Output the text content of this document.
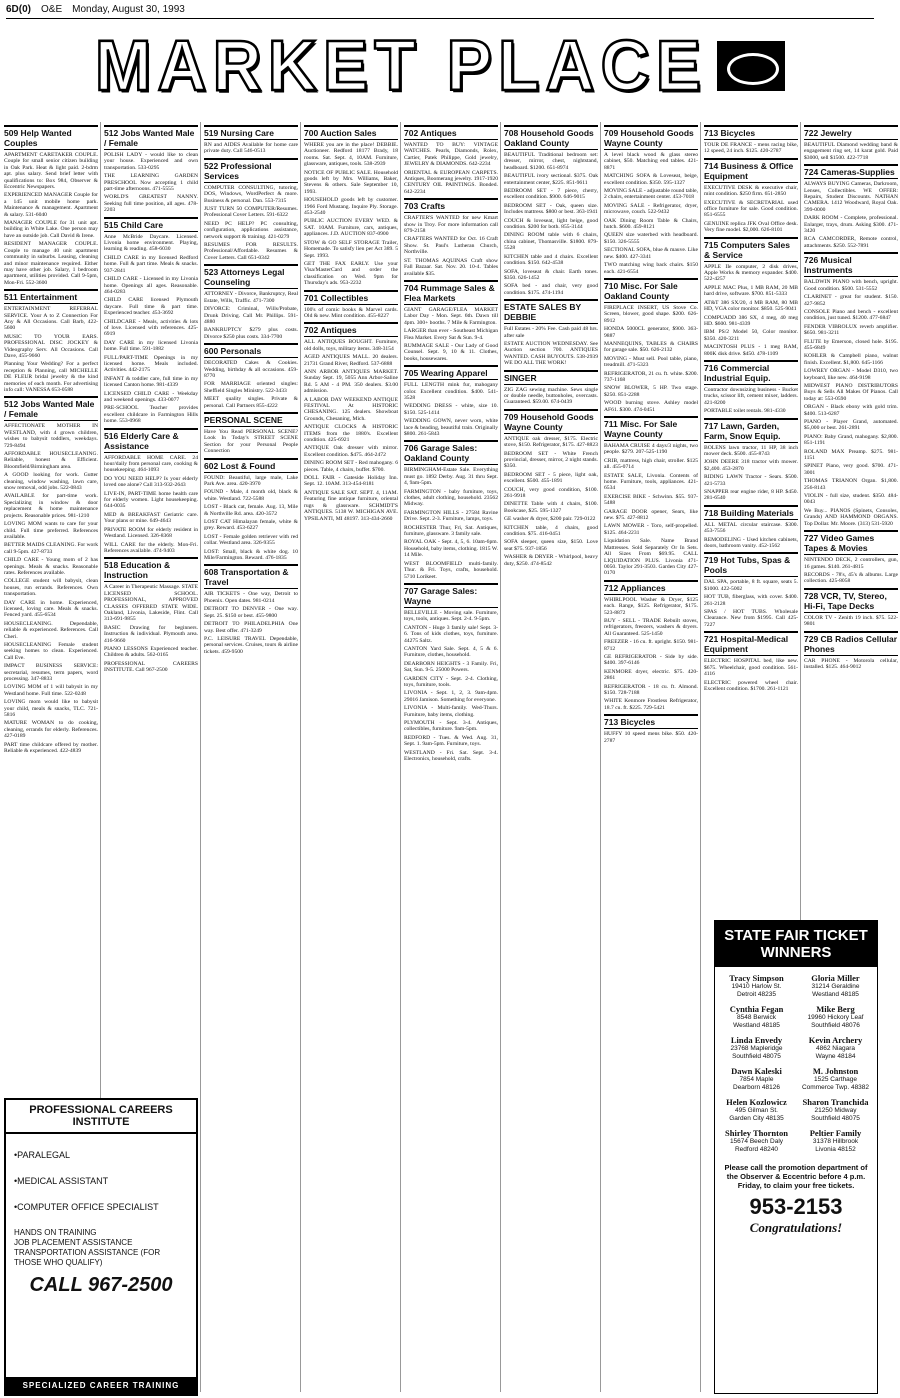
6D(0) O&E Monday, August 30, 1993
MARKET PLACE
509 Help Wanted Couples
APARTMENT CARETAKER COUPLE. Couple for small senior citizen building in Oak Park. Heat & light paid. 2-bdrm apt. plus salary. Send brief letter with qualifications to: Box 984, Observer & Eccentric Newspapers.
EXPERIENCED MANAGER Couple for a 145 unit mobile home park. Maintenance & management. Apartment & salary. 531-6040
MANAGER COUPLE for 31 unit apt. building in White Lake. One person may have an outside job. Call David & Irene.
RESIDENT MANAGER COUPLE. Couple to manage 40 unit apartment community in suburbs. Leasing, cleaning and minor maintenance required. Either may have other job. Salary, 1 bedroom apartment, utilities provided. Call 9-5pm, Mon-Fri. 552-3600
511 Entertainment
ENTERTAINMENT REFERRAL SERVICE. Your A to Z Connection For Any & All Occasions. Call Barb, 422-5600
MUSIC TO YOUR EARS. PROFESSIONAL DISC JOCKEY & Videography Serv. All Occasions. Call Dave, 455-9660
Planning Your Wedding? For a perfect reception & Planning, call MICHELLE DE FLEUR bridal jewelry & the kind memories of each month. For advertising info call: VANESSA 653-0588
512 Jobs Wanted Male / Female
AFFECTIONATE MOTHER IN WESTLAND, with 4 grown children, wishes to babysit toddlers, weekdays. 729-8494
AFFORDABLE HOUSECLEANING. Reliable, honest & Efficient. Bloomfield/Birmingham area.
A GOOD looking for work. Gutter cleaning, window washing, lawn care, snow removal, odd jobs. 522-0843
AVAILABLE for part-time work. Specializing in window & door replacement & home maintenance projects. Reasonable prices. 981-1210
LOVING MOM wants to care for your child. Full time preferred. References available.
BETTER MAIDS CLEANING. For work call 9-5pm. 427-8733
CHILD CARE - Young mom of 2 has openings. Meals & snacks. Reasonable rates. References available.
COLLEGE student will babysit, clean houses, run errands. References. Own transportation.
DAY CARE in home. Experienced, licensed, loving care. Meals & snacks. Fenced yard. 455-6534
HOUSECLEANING. Dependable, reliable & experienced. References. Call Cheri.
HOUSECLEANING Female student seeking homes to clean. Experienced. Call Eve.
IMPACT BUSINESS SERVICE: secretarial, resumes, term papers, word processing. 347-8833
LOVING MOM of 1 will babysit in my Westland home. Full time. 522-0248
LOVING mom would like to babysit your child, meals & snacks, TLC. 721-5816
MATURE WOMAN to do cooking, cleaning, errands for elderly. References. 427-0189
PART time childcare offered by mother. Reliable & experienced. 422-4839
512 Jobs Wanted Male / Female
POLISH LADY - would like to clean your house. Experienced and own transportation. 533-0295
THE LEARNING GARDEN PRESCHOOL Now accepting 1 child part-time afternoons. 471-5555
WORLD'S GREATEST NANNY. Seeking full time position, all ages. 478-2203
515 Child Care
Anne McBride Daycare. Licensed. Livonia home environment. Playing, learning & reading. 458-6030
CHILD CARE in my licensed Redford home. Full & part time. Meals & snacks. 937-2841
CHILD CARE - Licensed in my Livonia home. Openings all ages. Reasonable. 464-0283
CHILD CARE licensed Plymouth daycare. Full time & part time. Experienced teacher. 453-3692
CHILDCARE - Meals, activities & lots of love. Licensed with references. 425-6919
DAY CARE in my licensed Livonia home. Full time. 591-1882
FULL/PART-TIME Openings in my licensed home. Meals included. Activities. 442-2175
INFANT & toddler care, full time in my licensed Canton home. 981-4339
LICENSED CHILD CARE - Weekday and weekend openings. 433-0077
PRE-SCHOOL Teacher provides excellent childcare in Farmington Hills home. 553-0968
516 Elderly Care & Assistance
AFFORDABLE HOME CARE. 24 hour/daily from personal care, cooking & housekeeping. 464-1093
DO YOU NEED HELP? Is your elderly loved one alone? Call 313-932-2643
LIVE-IN, PART-TIME home health care for elderly women. Light housekeeping. 644-0035
MED & BREAKFAST Geriatric care. Your plans or mine. 649-4643
PRIVATE ROOM for elderly resident in Westland. Licensed. 326-8368
WILL CARE for the elderly. Mon-Fri. References available. 474-9403
518 Education & Instruction
A Career in Therapeutic Massage. STATE LICENSED SCHOOL. PROFESSIONAL, APPROVED CLASSES OFFERED STATE WIDE. Oakland, Livonia, Lakeside, Flint. Call 313-691-9855
BASIC Drawing for beginners. Instruction & individual. Plymouth area. 416-9660
PIANO LESSONS Experienced teacher. Children & adults. 562-0165
PROFESSIONAL CAREERS INSTITUTE. Call 967-2500
519 Nursing Care
RN and AIDES Available for home care private duty. Call 546-0513
522 Professional Services
COMPUTER CONSULTING, tutoring, DOS, Windows, WordPerfect & more. Business & personal. Dan. 553-7315
JUST TURN 50 COMPUTER/Resumes. Professional Cover Letters. 591-6322
NEED PC HELP? PC consulting, configuration, applications assistance, network support & training. 421-0279
RESUMES FOR RESULTS. Professional/Affordable. Resumes & Cover Letters. Call 651-0342
523 Attorneys Legal Counseling
ATTORNEY - Divorce, Bankruptcy, Real Estate, Wills, Traffic. 471-7300
DIVORCE: Criminal, Wills/Probate, Drunk Driving. Call Mr. Phillips. 591-4880
BANKRUPTCY $279 plus costs. Divorce $250 plus costs. 334-7700
600 Personals
DECORATED Cakes & Cookies. Wedding, birthday & all occasions. 459-8770
FOR MARRIAGE oriented singles: Sheffield Singles Ministry. 522-3433
MEET quality singles. Private & personal. Call Partners 855-4222
PERSONAL SCENE
Have You Read PERSONAL SCENE? Look In Today's STREET SCENE Section for your Personal People Connection
602 Lost & Found
FOUND: Beautiful, large male, Lake Park Ave. area. 420-3970
FOUND - Male, 4 month old, black & white. Westland. 722-5588
LOST - Black cat, female. Aug. 13, Mile & Northville Rd. area. 420-3572
LOST CAT Himalayan female, white & grey. Reward. 453-6227
LOST - Female golden retriever with red collar. Westland area. 326-9355
LOST: Small, black & white dog. 10 Mile/Farmington. Reward. 476-1835
608 Transportation & Travel
AIR TICKETS - One way, Detroit to Phoenix. Open dates. 981-0214
DETROIT TO DENVER - One way. Sept. 25. $150 or best. 455-9800
DETROIT TO PHILADELPHIA One way. Best offer. 471-3249
P.C. LEISURE TRAVEL Dependable, personal services. Cruises, tours & airline tickets. 459-9500
700 Auction Sales
WHERE you are in the place! DEBBIE. Auctioneer. Redford 18177 Brady, 18 rooms. Sat. Sept. 4, 10AM. Furniture, glassware, antiques, tools. 538-2939
NOTICE OF PUBLIC SALE. Household goods left by Mrs. Williams, Baker, Stevens & others. Sale September 10, 1993.
HOUSEHOLD goods left by customer. 1966 Ford Mustang. Inquire Ply. Storage. 453-2540
PUBLIC AUCTION EVERY WED. & SAT. 10AM. Furniture, cars, antiques, appliances. J.D. AUCTION 837-0900
STOW & GO SELF STORAGE Trailer, Homemade. To satisfy lien per Act 389. 5 Sept. 1993.
GET THE FAX EARLY. Use your Visa/MasterCard and order the classification on Wed. 9pm for Thursday's ads. 953-2232
701 Collectibles
100's of comic books & Marvel cards. Old & new. Mint condition. 455-8227
702 Antiques
ALL ANTIQUES BOUGHT. Furniture, old dolls, toys, military items. 348-3154
AGED ANTIQUES MALL. 20 dealers. 21731 Grand River, Redford. 537-6888
ANN ARBOR ANTIQUES MARKET. Sunday Sept. 19, 5055 Ann Arbor-Saline Rd. 5 AM - 4 PM. 350 dealers. $3.00 admission.
A LABOR DAY WEEKEND ANTIQUE FESTIVAL At HISTORIC CHESANING. 125 dealers. Showboat Grounds, Chesaning, Mich.
ANTIQUE CLOCKS & HISTORIC ITEMS from the 1880's. Excellent condition. 425-6921
ANTIQUE Oak dresser with mirror. Excellent condition. $475. 464-2472
DINING ROOM SET - Red mahogany. 6 pieces. Table, 4 chairs, buffet. $700.
DOLL FAIR - Gateside Holiday Inn. Sept. 12. 10AM. 313-454-8181
ANTIQUE SALE SAT. SEPT. 4, 11AM. Featuring fine antique furniture, oriental rugs & glassware. SCHMIDT'S ANTIQUES. 5138 W. MICHIGAN AVE. YPSILANTI, MI 48197. 313-434-2660
702 Antiques
WANTED TO BUY: VINTAGE WATCHES. Pearls, Diamonds, Rolex, Cartier, Patek Philippe, Gold jewelry, JEWELRY & DIAMONDS. 642-2234
ORIENTAL & EUROPEAN CARPETS. Antiques, Boomerang jewelry. 1917-1920 CENTURY OIL PAINTINGS. Bonded. 642-2234
703 Crafts
CRAFTER'S WANTED for new Kmart show in Troy. For more information call 879-2158
CRAFTERS WANTED for Oct. 16 Craft Show. St. Paul's Lutheran Church, Northville.
ST. THOMAS AQUINAS Craft show Fall Bazaar. Sat. Nov. 20. 10-4. Tables available $35.
704 Rummage Sales & Flea Markets
GIANT GARAGE/FLEA MARKET Labor Day - Mon. Sept. 6th. Dawn till 4pm. 300+ booths. 7 Mile & Farmington.
LARGER than ever - Southeast Michigan Flea Market. Every Sat & Sun. 9-4.
RUMMAGE SALE - Our Lady of Good Counsel. Sept. 9, 10 & 11. Clothes, books, housewares.
705 Wearing Apparel
FULL LENGTH mink fur, mahogany color. Excellent condition. $400. 541-3528
WEDDING DRESS - white, size 10. $150. 525-1414
WEDDING GOWN, never worn, white lace & beading, beautiful train. Originally $800. 261-5843
706 Garage Sales: Oakland County
BIRMINGHAM-Estate Sale. Everything must go. 1892 Derby. Aug. 31 thru Sept. 4, 9am-5pm.
FARMINGTON - baby furniture, toys, clothes, adult clothing, household. 23562 Midway.
FARMINGTON HILLS - 27584 Ravine Drive. Sept. 2-3. Furniture, lamps, toys.
ROCHESTER Thur, Fri, Sat. Antiques, furniture, glassware. 3 family sale.
ROYAL OAK - Sept. 4, 5, 6. 10am-6pm. Household, baby items, clothing. 1815 W. 14 Mile.
WEST BLOOMFIELD multi-family. Thur. & Fri. Toys, crafts, household. 5710 Lorikeet.
707 Garage Sales: Wayne
BELLEVILLE - Moving sale. Furniture, toys, tools, antiques. Sept. 2-4. 9-5pm.
CANTON - Huge 3 family sale! Sept. 3-6. Tons of kids clothes, toys, furniture. 44275 Saltz.
CANTON Yard Sale. Sept. 4, 5 & 6. Furniture, clothes, household.
DEARBORN HEIGHTS - 3 Family. Fri, Sat, Sun. 9-5. 25000 Powers.
GARDEN CITY - Sept. 2-4. Clothing, toys, furniture, tools.
LIVONIA - Sept. 1, 2, 3. 9am-4pm. 29016 Jamison. Something for everyone.
LIVONIA - Multi-family. Wed-Thurs. Furniture, baby items, clothing.
PLYMOUTH - Sept. 3-4. Antiques, collectibles, furniture. 9am-5pm.
REDFORD - Tues. & Wed. Aug. 31, Sept. 1. 9am-5pm. Furniture, toys.
WESTLAND - Fri. Sat. Sept. 3-4. Electronics, household, crafts.
708 Household Goods Oakland County
BEAUTIFUL Traditional bedroom set: dresser, mirror, chest, nightstand, headboard. $1200. 651-8974
BEAUTIFUL ivory sectional. $375. Oak entertainment center, $225. 851-9611
BEDROOM SET - 7 piece, cherry, excellent condition. $900. 646-9015
BEDROOM SET - Oak, queen size. Includes mattress. $800 or best. 363-1941
COUCH & loveseat, light beige, good condition. $200 for both. 855-3144
DINING ROOM table with 6 chairs, china cabinet, Thomasville. $1800. 879-5528
KITCHEN table and 4 chairs. Excellent condition. $150. 642-4538
SOFA, loveseat & chair. Earth tones. $350. 626-1452
SOFA bed - and chair, very good condition. $175. 474-1194
ESTATE SALES BY DEBBIE
Full Estates - 20% Fee. Cash paid 48 hrs. after sale
ESTATE AUCTION WEDNESDAY. See Auction section 700. ANTIQUES WANTED. CASH BUYOUTS. 538-2939 WE DO ALL THE WORK!
SINGER
ZIG ZAG sewing machine. Sews single or double needle, buttonholes, overcasts. Guaranteed. $59.00. 674-0439
709 Household Goods Wayne County
ANTIQUE oak dresser, $175. Electric stove, $150. Refrigerator, $175. 427-8823
BEDROOM SET - White French provincial, dresser, mirror, 2 night stands. $350.
BEDROOM SET - 5 piece, light oak, excellent. $500. 455-1891
COUCH, very good condition, $100. 261-9918
DINETTE Table with 4 chairs, $100. Bookcase, $25. 595-1327
GE washer & dryer, $200 pair. 729-0122
KITCHEN table, 4 chairs, good condition. $75. 416-0451
SOFA sleeper, queen size, $150. Love seat $75. 937-1856
WASHER & DRYER - Whirlpool, heavy duty, $250. 474-8542
709 Household Goods Wayne County
A level black wood & glass stereo cabinet, $50. Matching end tables. 421-8871
MATCHING SOFA & Loveseat, beige, excellent condition. $350. 595-1327
MOVING SALE - adjustable round table, 2 chairs, entertainment center. 453-7018
MOVING SALE - Refrigerator, dryer, microwave, couch. 522-9432
OAK Dining Room Table & Chairs, hutch. $600. 459-8121
QUEEN size waterbed with headboard. $150. 326-5555
SECTIONAL SOFA, blue & mauve. Like new. $400. 427-3341
TWO matching wing back chairs. $150 each. 421-6554
710 Misc. For Sale Oakland County
FIREPLACE INSERT, US Stove Co. Screen, blower, good shape. $200. 626-8912
HONDA 5000CL generator, $900. 363-9887
MANNEQUINS, TABLES & CHAIRS for garage sale. $50. 626-2132
MOVING - Must sell. Pool table, piano, treadmill. 471-5323
REFRIGERATOR, 21 cu. ft. white. $200. 737-1168
SNOW BLOWER, 5 HP. Two stage. $250. 851-2288
WOOD burning stove. Ashley model AF61. $300. 474-0451
711 Misc. For Sale Wayne County
BAHAMA CRUISE 4 days/3 nights, two people. $279. 207-525-1190
CRIB, mattress, high chair, stroller. $125 all. 455-0714
ESTATE SALE, Livonia. Contents of home. Furniture, tools, appliances. 421-6534
EXERCISE BIKE - Schwinn. $55. 937-5488
GARAGE DOOR opener, Sears, like new. $75. 427-8812
LAWN MOWER - Toro, self-propelled. $125. 464-2231
Liquidation Sale. Name Brand Mattresses. Sold Separately Or In Sets. All Sizes From $69.95. CALL LIQUIDATION PLUS. Livonia 471-0050. Taylor 291-3503. Garden City 427-0170
712 Appliances
WHIRLPOOL Washer & Dryer, $125 each. Range, $125. Refrigerator, $175. 523-8872
BUY - SELL - TRADE Rebuilt stoves, refrigerators, freezers, washers & dryers. All Guaranteed. 525-1450
FREEZER - 16 cu. ft. upright. $150. 981-8712
GE REFRIGERATOR - Side by side. $400. 397-6146
KENMORE dryer, electric. $75. 420-2861
REFRIGERATOR - 18 cu. ft. Almond. $150. 728-7188
WHITE Kenmore Frostless Refrigerator, 18.7 cu. ft. $225. 729-5421
713 Bicycles
HUFFY 10 speed mens bike. $50. 420-2787
713 Bicycles
TOUR DE FRANCE - mens racing bike, 12 speed, 24 inch. $125. 420-2787
714 Business & Office Equipment
EXECUTIVE DESK & executive chair, mint condition. $250 firm. 651-2850
EXECUTIVE & SECRETARIAL used office furniture for sale. Good condition. 851-6555
GENUINE replica JFK Oval Office desk. Very fine model. $2,000. 626-8101
715 Computers Sales & Service
APPLE IIe computer, 2 disk drives, Apple Works & memory expander. $400. 522-4257
APPLE MAC Plus, 1 MB RAM, 20 MB hard drive, software. $700. 851-5333
AT&T 386 SX/20, 4 MB RAM, 80 MB HD, VGA color monitor. $850. 525-9041
COMPUADD 386 SX, 4 meg, 40 meg HD. $600. 981-4339
IBM PS/2 Model 50, Color monitor. $350. 420-3211
MACINTOSH PLUS - 1 meg RAM, 800K disk drive. $450. 478-1109
716 Commercial Industrial Equip.
Contractor downsizing business - Bucket trucks, scissor lift, cement mixer, ladders. 421-8200
PORTABLE toilet rentals. 981-4330
717 Lawn, Garden, Farm, Snow Equip.
BOLENS lawn tractor, 11 HP, 38 inch mower deck. $500. 455-8743
JOHN DEERE 318 tractor with mower. $2,400. 453-2870
RIDING LAWN Tractor - Sears. $500. 421-5733
SNAPPER rear engine rider, 8 HP. $450. 281-6540
718 Building Materials
ALL METAL circular staircase. $300. 453-7556
REMODELING - Used kitchen cabinets, doors, bathroom vanity. 452-1562
719 Hot Tubs, Spas & Pools
DAL SPA, portable, 8 ft. square, seats 5. $1000. 422-5002
HOT TUB, fiberglass, with cover. $400. 261-2128
SPAS / HOT TUBS. Wholesale Clearance. New from $1995. Call 425-7227
721 Hospital-Medical Equipment
ELECTRIC HOSPITAL bed, like new. $675. Wheelchair, good condition. 561-4116
ELECTRIC powered wheel chair. Excellent condition. $1700. 261-1121
722 Jewelry
BEAUTIFUL Diamond wedding band & engagement ring set, 14 karat gold. Paid $3000, sell $1500. 422-7718
724 Cameras-Supplies
ALWAYS BUYING Cameras, Darkroom, Lenses, Collectibles. WE OFFER: Repairs, Student Discounts. NATHAN CAMERA. 1412 Woodward, Royal Oak. 399-0000
DARK ROOM - Complete, professional. Enlarger, trays, drum. Asking $300. 471-3420
RCA CAMCORDER, Remote control, attachments. $250. 552-7891
726 Musical Instruments
BALDWIN PIANO with bench, upright. Good condition. $500. 531-5552
CLARINET - great for student. $150. 427-9852
CONSOLE Piano and bench - excellent condition, just tuned. $1200. 477-6847
FENDER VIBROLUX reverb amplifier. $650. 981-3211
FLUTE by Emerson, closed hole. $195. 455-6849
KOHLER & Campbell piano, walnut finish. Excellent. $1,800. 645-1166
LOWREY ORGAN - Model D310, two keyboard, like new. 464-9198
MIDWEST PIANO DISTRIBUTORS Buys & Sells All Makes Of Pianos. Call today at: 553-0590
ORGAN - Black ebony with gold trim. $400. 513-6287
PIANO - Player Grand, automated. $5,000 or best. 261-2891
PIANO: Baby Grand, mahogany. $2,800. 851-1191
ROLAND MAX Preamp. $275. 981-1151
SPINET Piano, very good. $700. 471-3001
THOMAS TRIANON Organ. $1,800. 256-8143
VIOLIN - full size, student. $350. 484-0043
We Buy... PIANOS (Spinets, Consoles, Grands) AND HAMMOND ORGANS. Top Dollar. Mr. Moore. (313) 531-5920
727 Video Games Tapes & Movies
NINTENDO DECK, 2 controllers, gun, 16 games. $140. 261-4815
RECORDS - 78's, 45's & albums. Large collection. 425-8058
728 VCR, TV, Stereo, Hi-Fi, Tape Decks
COLOR TV - Zenith 19 inch. $75. 522-9801
729 CB Radios Cellular Phones
CAR PHONE - Motorola cellular, installed. $125. 464-9012
PROFESSIONAL CAREERS INSTITUTE
• PARALEGAL
• MEDICAL ASSISTANT
• COMPUTER OFFICE SPECIALIST
HANDS ON TRAINING
JOB PLACEMENT ASSISTANCE
TRANSPORTATION ASSISTANCE (FOR THOSE WHO QUALIFY)
CALL 967-2500
SPECIALIZED CAREER TRAINING
STATE FAIR TICKET WINNERS
Tracy Simpson
19410 Harlow St.
Detroit 48235
Gloria Miller
31214 Geraldine
Westland 48185
Cynthia Fegan
8548 Berwick
Westland 48185
Mike Berg
19960 Hickory Leaf
Southfield 48076
Linda Envedy
23768 Mapleridge
Southfield 48075
Kevin Archery
4862 Niagara
Wayne 48184
Dawn Kaleski
7854 Maple
Dearborn 48126
M. Johnston
1525 Carthage
Commerce Twp. 48382
Helen Kozlowicz
495 Gilman St.
Garden City 48135
Sharon Tranchida
21250 Midway
Southfield 48075
Shirley Thornton
15674 Beech Daly
Redford 48240
Peltier Family
31378 Hillbrook
Livonia 48152
Please call the promotion department of the Observer & Eccentric before 4 p.m. Friday, to claim your free tickets.
953-2153
Congratulations!
